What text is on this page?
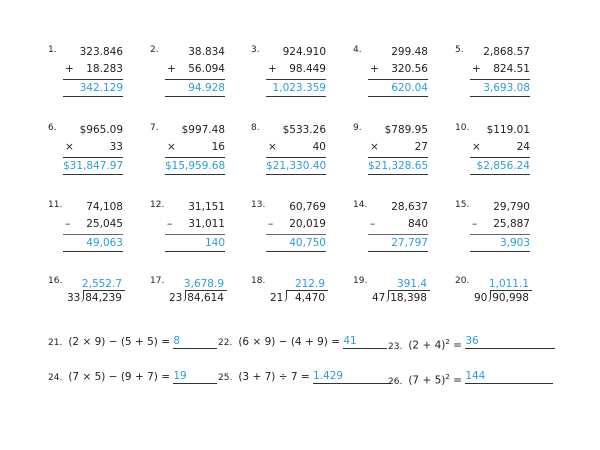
1.	323.846
+	18.283
342.129
2.	38.834
+	56.094
94.928
3.	924.910
+	98.449
1,023.359
4.	299.48
+	320.56
620.04
5.	2,868.57
+	824.51
3,693.08
6.	$965.09
×	33
$31,847.97
7.	$997.48
×	16
$15,959.68
8.	$533.26
×	40
$21,330.40
9.	$789.95
×	27
$21,328.65
10.	$119.01
×	24
$2,856.24
11.	74,108
–	25,045
49,063
12.	31,151
–	31,011
140
13.	60,769
–	20,019
40,750
14.	28,637
–	840
27,797
15.	29,790
–	25,887
3,903
16. 2,552.7
33 84,239
17. 3,678.9
23 84,614
18.	212.9
21 4,470
19.	391.4
47 18,398
20. 1,011.1
90 90,998
21. (2 × 9) − (5 + 5) = 8	22. (6 × 9) − (4 + 9) = 41	23. $(2 + 4)^2 = 36$
24. (7 × 5) − (9 + 7) = 19	25. (3 + 7) ÷ 7 = 1.429	26. $(7 + 5)^2 = 144$
